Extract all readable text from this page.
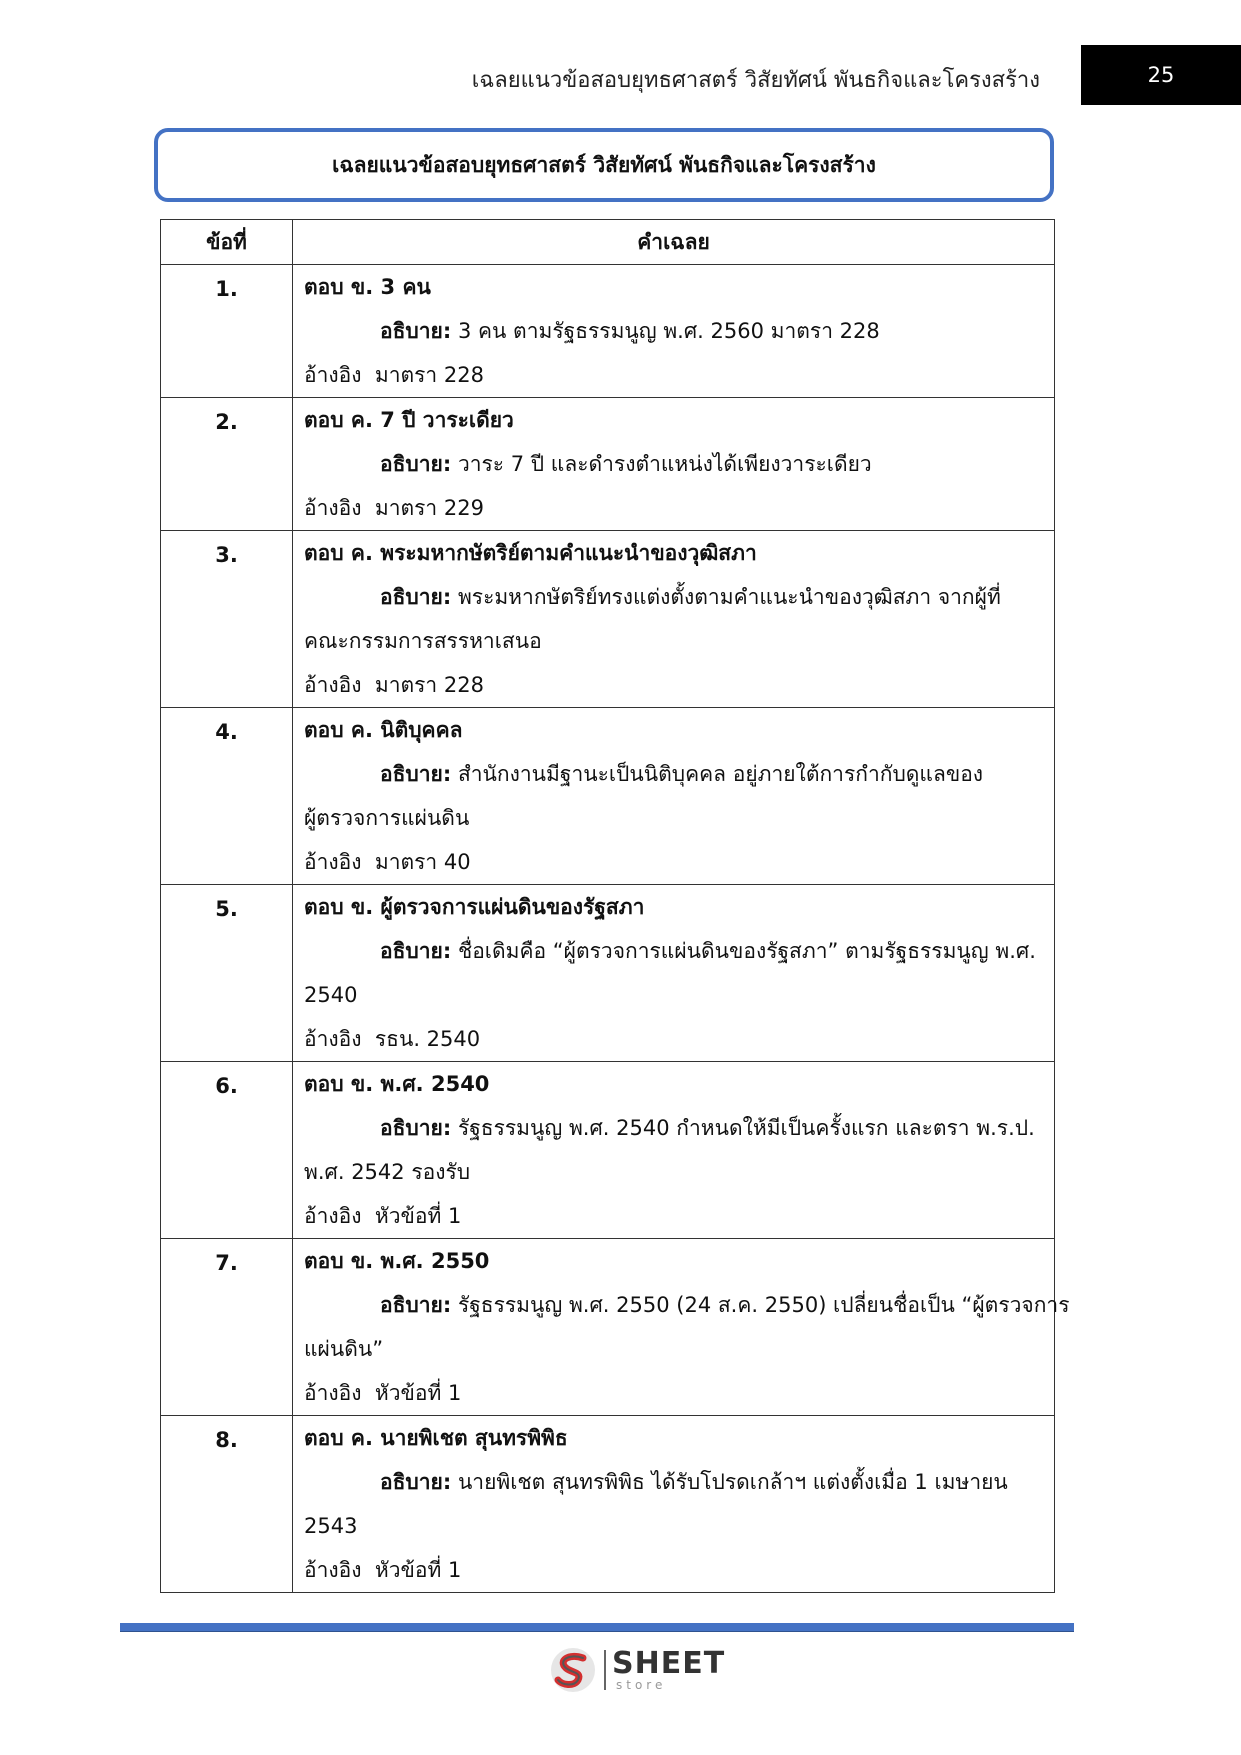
เฉลยแนวข้อสอบยุทธศาสตร์ วิสัยทัศน์ พันธกิจและโครงสร้าง	25
เฉลยแนวข้อสอบยุทธศาสตร์ วิสัยทัศน์ พันธกิจและโครงสร้าง
ข้อที่	คำเฉลย
1.	ตอบ ข. 3 คน
อธิบาย: 3 คน ตามรัฐธรรมนูญ พ.ศ. 2560 มาตรา 228
อ้างอิง  มาตรา 228

2.	ตอบ ค. 7 ปี วาระเดียว
อธิบาย: วาระ 7 ปี และดำรงตำแหน่งได้เพียงวาระเดียว
อ้างอิง  มาตรา 229

3.	ตอบ ค. พระมหากษัตริย์ตามคำแนะนำของวุฒิสภา
อธิบาย: พระมหากษัตริย์ทรงแต่งตั้งตามคำแนะนำของวุฒิสภา จากผู้ที่
คณะกรรมการสรรหาเสนอ
อ้างอิง  มาตรา 228

4.	ตอบ ค. นิติบุคคล
อธิบาย: สำนักงานมีฐานะเป็นนิติบุคคล อยู่ภายใต้การกำกับดูแลของ
ผู้ตรวจการแผ่นดิน
อ้างอิง  มาตรา 40

5.	ตอบ ข. ผู้ตรวจการแผ่นดินของรัฐสภา
อธิบาย: ชื่อเดิมคือ “ผู้ตรวจการแผ่นดินของรัฐสภา” ตามรัฐธรรมนูญ พ.ศ.
2540
อ้างอิง  รธน. 2540

6.	ตอบ ข. พ.ศ. 2540
อธิบาย: รัฐธรรมนูญ พ.ศ. 2540 กำหนดให้มีเป็นครั้งแรก และตรา พ.ร.ป.
พ.ศ. 2542 รองรับ
อ้างอิง  หัวข้อที่ 1

7.	ตอบ ข. พ.ศ. 2550
อธิบาย: รัฐธรรมนูญ พ.ศ. 2550 (24 ส.ค. 2550) เปลี่ยนชื่อเป็น “ผู้ตรวจการ
แผ่นดิน”
อ้างอิง  หัวข้อที่ 1

8.	ตอบ ค. นายพิเชต สุนทรพิพิธ
อธิบาย: นายพิเชต สุนทรพิพิธ ได้รับโปรดเกล้าฯ แต่งตั้งเมื่อ 1 เมษายน
2543
อ้างอิง  หัวข้อที่ 1
SHEET
store
